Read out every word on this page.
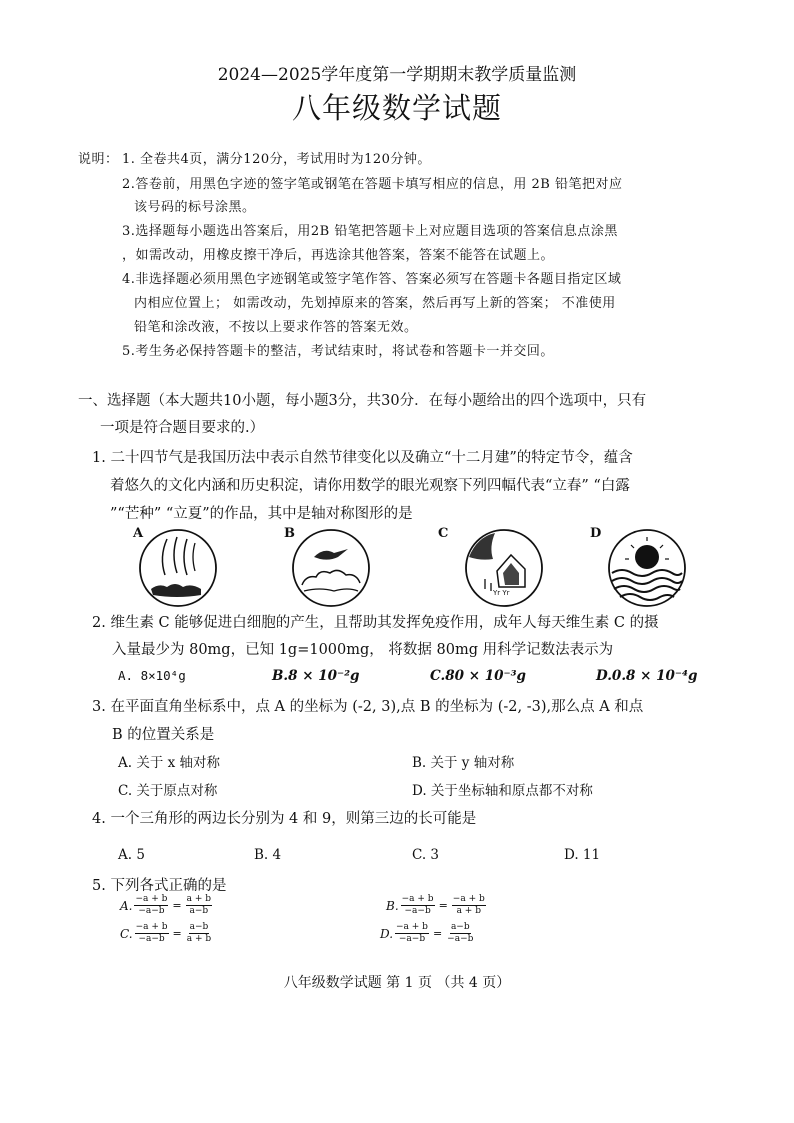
2024—2025学年度第一学期期末教学质量监测
八年级数学试题
说明： 1. 全卷共4页，满分120分，考试用时为120分钟。
2.答卷前，用黑色字迹的签字笔或钢笔在答题卡填写相应的信息，用 2B 铅笔把对应
该号码的标号涂黑。
3.选择题每小题选出答案后，用2B 铅笔把答题卡上对应题目选项的答案信息点涂黑
，如需改动，用橡皮擦干净后，再选涂其他答案，答案不能答在试题上。
4.非选择题必须用黑色字迹钢笔或签字笔作答、答案必须写在答题卡各题目指定区域
内相应位置上； 如需改动，先划掉原来的答案，然后再写上新的答案； 不准使用
铅笔和涂改液，不按以上要求作答的答案无效。
5.考生务必保持答题卡的整洁，考试结束时，将试卷和答题卡一并交回。
一、选择题（本大题共10小题，每小题3分，共30分．在每小题给出的四个选项中，只有
一项是符合题目要求的.）
1. 二十四节气是我国历法中表示自然节律变化以及确立“十二月建”的特定节令，蕴含
着悠久的文化内涵和历史积淀，请你用数学的眼光观察下列四幅代表“立春” “白露
”“芒种” “立夏”的作品，其中是轴对称图形的是
A	B	C
Yr Yr
D
2. 维生素 C 能够促进白细胞的产生，且帮助其发挥免疫作用，成年人每天维生素 C 的摄
入量最少为 80mg，已知 1g=1000mg， 将数据 80mg 用科学记数法表示为
A. 8×10⁴g	B.8 × 10⁻²g	C.80 × 10⁻³g	D.0.8 × 10⁻⁴g
3. 在平面直角坐标系中，点 A 的坐标为 (-2, 3),点 B 的坐标为 (-2, -3),那么点 A 和点
B 的位置关系是
A. 关于 x 轴对称	B. 关于 y 轴对称
C. 关于原点对称	D. 关于坐标轴和原点都不对称
4. 一个三角形的两边长分别为 4 和 9，则第三边的长可能是
A. 5	B. 4	C. 3	D. 11
5. 下列各式正确的是
A. $\frac{-a + b}{-a-b} = \frac{a + b}{a-b}$	B. $\frac{-a + b}{-a-b} = \frac{-a + b}{a + b}$
C. $\frac{-a + b}{-a-b} = \frac{a-b}{a + b}$	D. $\frac{-a + b}{-a-b} = \frac{a-b}{-a-b}$
八年级数学试题 第 1 页 （共 4 页）
